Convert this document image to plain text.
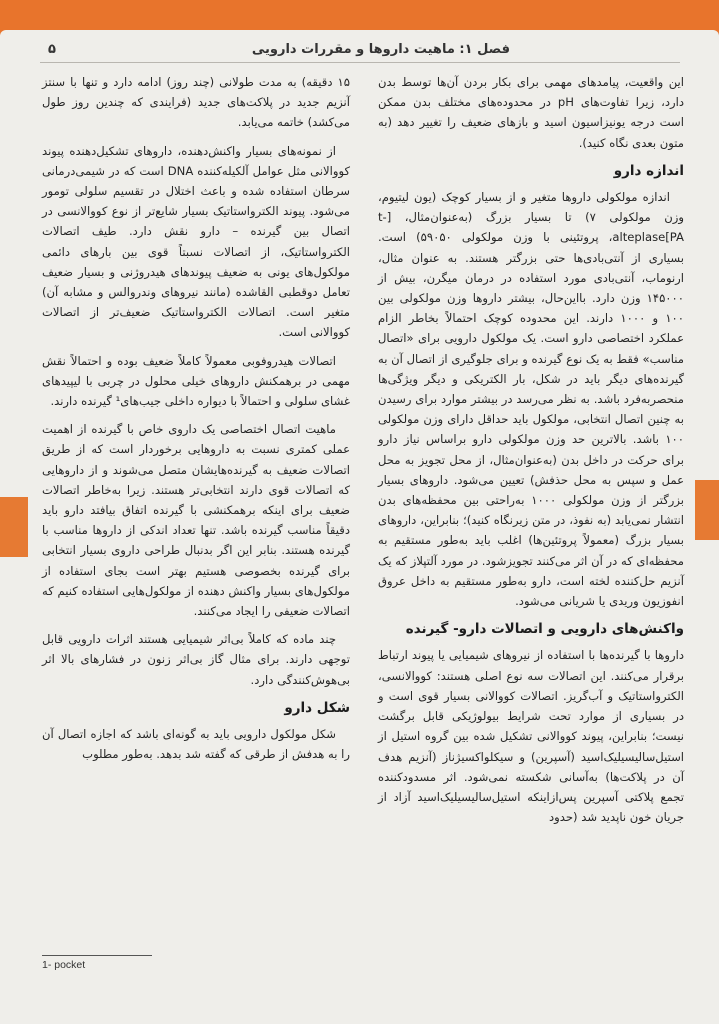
فصل ۱: ماهیت داروها و مقررات دارویی
۵

این واقعیت، پیامدهای مهمی برای بکار بردن آن‌ها توسط بدن دارد، زیرا تفاوت‌های pH در محدوده‌های مختلف بدن ممکن است درجه یونیزاسیون اسید و بازهای ضعیف را تغییر دهد (به متون بعدی نگاه کنید).

اندازه دارو

اندازه مولکولی داروها متغیر و از بسیار کوچک (یون لیتیوم، وزن مولکولی ۷) تا بسیار بزرگ (به‌عنوان‌مثال، [t-alteplase[PA، پروتئینی با وزن مولکولی ۵۹۰۵۰) است. بسیاری از آنتی‌بادی‌ها حتی بزرگتر هستند. به عنوان مثال، ارنوماب، آنتی‌بادی مورد استفاده در درمان میگرن، بیش از ۱۴۵۰۰۰ وزن دارد. بااین‌حال، بیشتر داروها وزن مولکولی بین ۱۰۰ و ۱۰۰۰ دارند. این محدوده کوچک احتمالاً بخاطر الزام عملکرد اختصاصی دارو است. یک مولکول دارویی برای «اتصال مناسب» فقط به یک نوع گیرنده و برای جلوگیری از اتصال آن به گیرنده‌های دیگر باید در شکل، بار الکتریکی و دیگر ویژگی‌ها منحصربه‌فرد باشد. به نظر می‌رسد در بیشتر موارد برای رسیدن به چنین اتصال انتخابی، مولکول باید حداقل دارای وزن مولکولی ۱۰۰ باشد. بالاترین حد وزن مولکولی دارو براساس نیاز دارو برای حرکت در داخل بدن (به‌عنوان‌مثال، از محل تجویز به محل عمل و سپس به محل حذفش) تعیین می‌شود. داروهای بسیار بزرگتر از وزن مولکولی ۱۰۰۰ به‌راحتی بین محفظه‌های بدن انتشار نمی‌یابد (به نفوذ، در متن زیرنگاه کنید)؛ بنابراین، داروهای بسیار بزرگ (معمولاً پروتئین‌ها) اغلب باید به‌طور مستقیم به محفظه‌ای که در آن اثر می‌کنند تجویزشود. در مورد آلتپلاز که یک آنزیم حل‌کننده لخته است، دارو به‌طور مستقیم به داخل عروق انفوزیون وریدی یا شریانی می‌شود.

واکنش‌های دارویی و اتصالات دارو- گیرنده

داروها با گیرنده‌ها با استفاده از نیروهای شیمیایی یا پیوند ارتباط برقرار می‌کنند. این اتصالات سه نوع اصلی هستند: کووالانسی، الکترواستاتیک و آب‌گریز. اتصالات کووالانی بسیار قوی است و در بسیاری از موارد تحت شرایط بیولوژیکی قابل برگشت نیست؛ بنابراین، پیوند کووالانی تشکیل شده بین گروه استیل از استیل‌سالیسیلیک‌اسید (آسپرین) و سیکلواکسیژناز (آنزیم هدف آن در پلاکت‌ها) به‌آسانی شکسته نمی‌شود. اثر مسدودکننده تجمع پلاکتی آسپرین پس‌ازاینکه استیل‌سالیسیلیک‌اسید آزاد از جریان خون ناپدید شد (حدود

۱۵ دقیقه) به مدت طولانی (چند روز) ادامه دارد و تنها با سنتز آنزیم جدید در پلاکت‌های جدید (فرایندی که چندین روز طول می‌کشد) خاتمه می‌یابد.

از نمونه‌های بسیار واکنش‌دهنده، داروهای تشکیل‌دهنده پیوند کووالانی مثل عوامل آلکیله‌کننده DNA است که در شیمی‌درمانی سرطان استفاده شده و باعث اختلال در تقسیم سلولی تومور می‌شود. پیوند الکترواستاتیک بسیار شایع‌تر از نوع کووالانسی در اتصال بین گیرنده – دارو نقش دارد. طیف اتصالات الکترواستاتیک، از اتصالات نسبتاً قوی بین بارهای دائمی مولکول‌های یونی به ضعیف پیوندهای هیدروژنی و بسیار ضعیف تعامل دوقطبی القاشده (مانند نیروهای وندروالس و مشابه آن) متغیر است. اتصالات الکترواستاتیک ضعیف‌تر از اتصالات کووالانی است.

اتصالات هیدروفوبی معمولاً کاملاً ضعیف بوده و احتمالاً نقش مهمی در برهمکنش داروهای خیلی محلول در چربی با لیپیدهای غشای سلولی و احتمالاً با دیواره داخلی جیب‌های¹ گیرنده دارند.

ماهیت اتصال اختصاصی یک داروی خاص با گیرنده از اهمیت عملی کمتری نسبت به داروهایی برخوردار است که از طریق اتصالات ضعیف به گیرنده‌هایشان متصل می‌شوند و از داروهایی که اتصالات قوی دارند انتخابی‌تر هستند. زیرا به‌خاطر اتصالات ضعیف برای اینکه برهمکنشی با گیرنده اتفاق بیافتد دارو باید دقیقاً مناسب گیرنده باشد. تنها تعداد اندکی از داروها مناسب با گیرنده هستند. بنابر این اگر بدنبال طراحی داروی بسیار انتخابی برای گیرنده بخصوصی هستیم بهتر است بجای استفاده از مولکول‌های بسیار واکنش دهنده از مولکول‌هایی استفاده کنیم که اتصالات ضعیفی را ایجاد می‌کنند.

چند ماده که کاملاً بی‌اثر شیمیایی هستند اثرات دارویی قابل توجهی دارند. برای مثال گاز بی‌اثر زنون در فشارهای بالا اثر بی‌هوش‌کنندگی دارد.

شکل دارو

شکل مولکول دارویی باید به گونه‌ای باشد که اجازه اتصال آن را به هدفش از طرقی که گفته شد بدهد. به‌طور مطلوب

1- pocket
